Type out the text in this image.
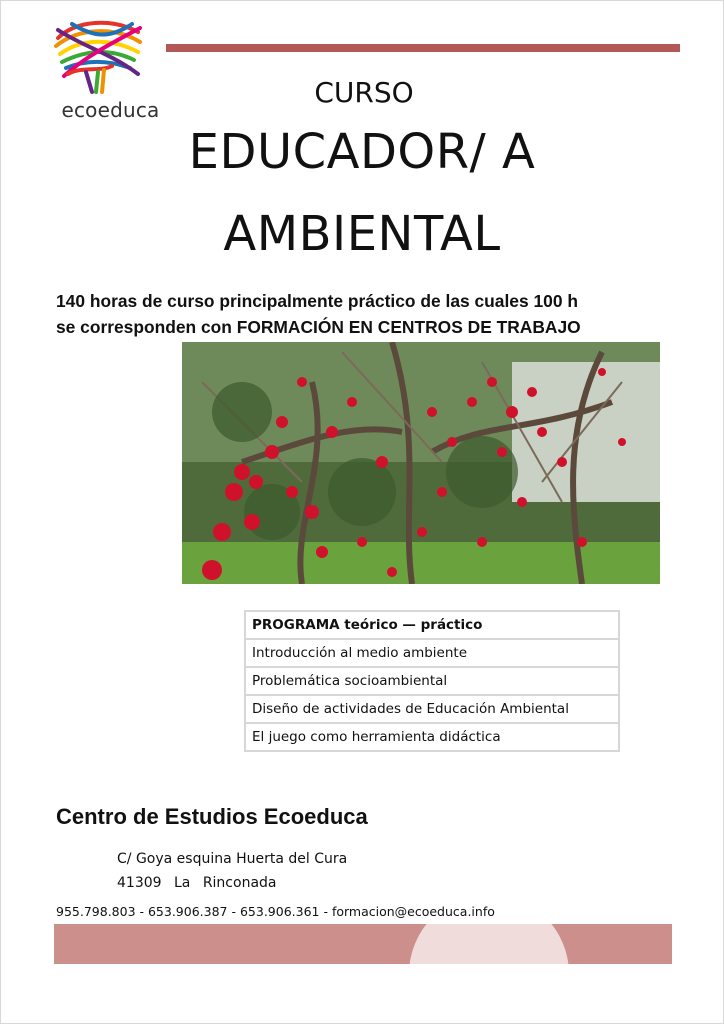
ecoeduca
CURSO
EDUCADOR/ A
AMBIENTAL
140 horas de curso principalmente práctico de las cuales 100 h
se corresponden con FORMACIÓN EN CENTROS DE TRABAJO
PROGRAMA teórico — práctico
Introducción al medio ambiente
Problemática socioambiental
Diseño de actividades de Educación Ambiental
El juego como herramienta didáctica
Centro de Estudios Ecoeduca
C/ Goya esquina Huerta del Cura
41309 La Rinconada
955.798.803 - 653.906.387 - 653.906.361 - formacion@ecoeduca.info
